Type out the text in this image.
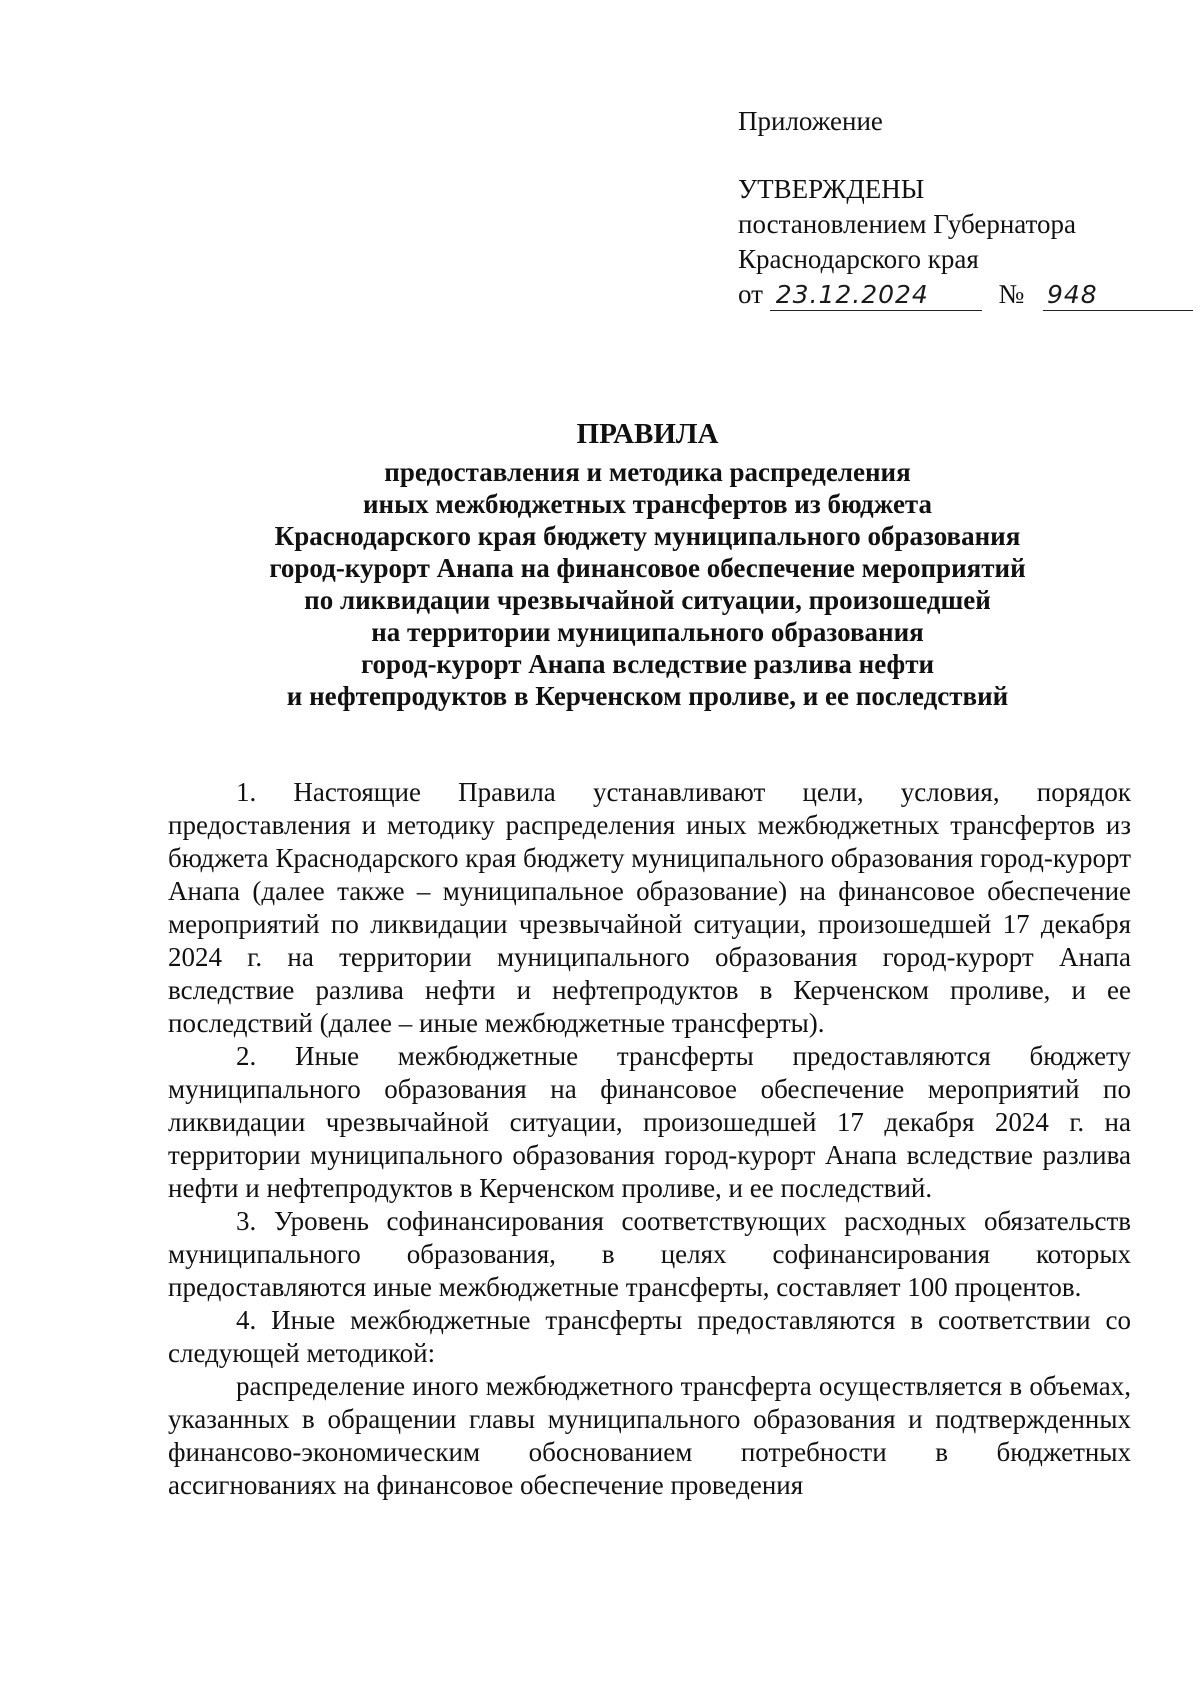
Приложение
УТВЕРЖДЕНЫ
постановлением Губернатора
Краснодарского края
от 23.12.2024	№ 948
ПРАВИЛА
предоставления и методика распределения
иных межбюджетных трансфертов из бюджета
Краснодарского края бюджету муниципального образования
город-курорт Анапа на финансовое обеспечение мероприятий
по ликвидации чрезвычайной ситуации, произошедшей
на территории муниципального образования
город-курорт Анапа вследствие разлива нефти
и нефтепродуктов в Керченском проливе, и ее последствий

1. Настоящие Правила устанавливают цели, условия, порядок предоставления и методику распределения иных межбюджетных трансфертов из бюджета Краснодарского края бюджету муниципального образования город-курорт Анапа (далее также – муниципальное образование) на финансовое обеспечение мероприятий по ликвидации чрезвычайной ситуации, произошедшей 17 декабря 2024 г. на территории муниципального образования город-курорт Анапа вследствие разлива нефти и нефтепродуктов в Керченском проливе, и ее последствий (далее – иные межбюджетные трансферты).

2. Иные межбюджетные трансферты предоставляются бюджету муниципального образования на финансовое обеспечение мероприятий по ликвидации чрезвычайной ситуации, произошедшей 17 декабря 2024 г. на территории муниципального образования город-курорт Анапа вследствие разлива нефти и нефтепродуктов в Керченском проливе, и ее последствий.

3. Уровень софинансирования соответствующих расходных обязательств муниципального образования, в целях софинансирования которых предоставляются иные межбюджетные трансферты, составляет 100 процентов.

4. Иные межбюджетные трансферты предоставляются в соответствии со следующей методикой:

распределение иного межбюджетного трансферта осуществляется в объемах, указанных в обращении главы муниципального образования и подтвержденных финансово-экономическим обоснованием потребности в бюджетных ассигнованиях на финансовое обеспечение проведения
